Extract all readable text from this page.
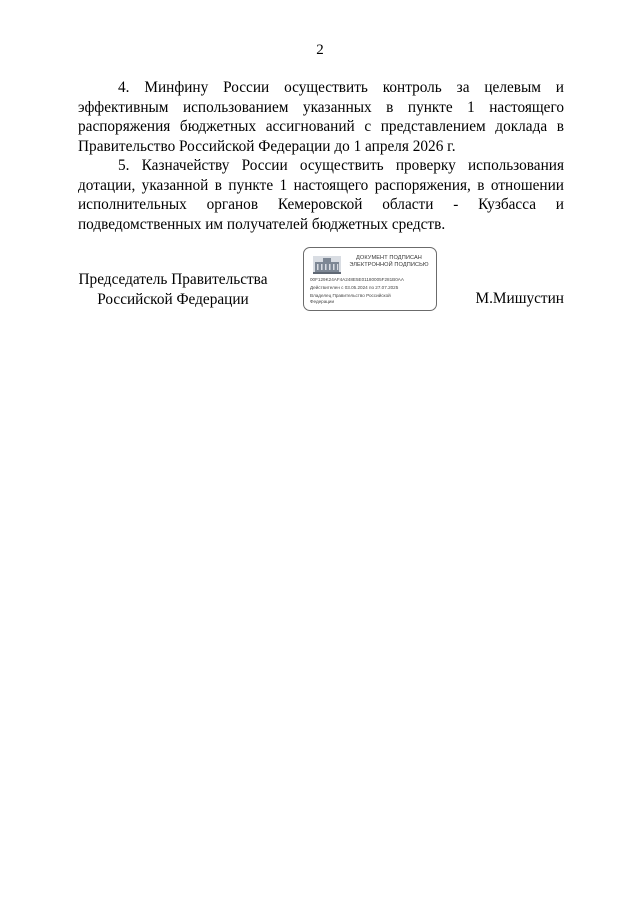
2

4. Минфину России осуществить контроль за целевым и эффективным использованием указанных в пункте 1 настоящего распоряжения бюджетных ассигнований с представлением доклада в Правительство Российской Федерации до 1 апреля 2026 г.

5. Казначейству России осуществить проверку использования дотации, указанной в пункте 1 настоящего распоряжения, в отношении исполнительных органов Кемеровской области - Кузбасса и подведомственных им получателей бюджетных средств.

Председатель Правительства
Российской Федерации
ДОКУМЕНТ ПОДПИСАН
ЭЛЕКТРОННОЙ ПОДПИСЬЮ
00F129K24AF4A248E5E01180005F281B0AA
Действителен с 03.05.2024 по 27.07.2025
Владелец Правительство Российской
Федерации	М.Мишустин
